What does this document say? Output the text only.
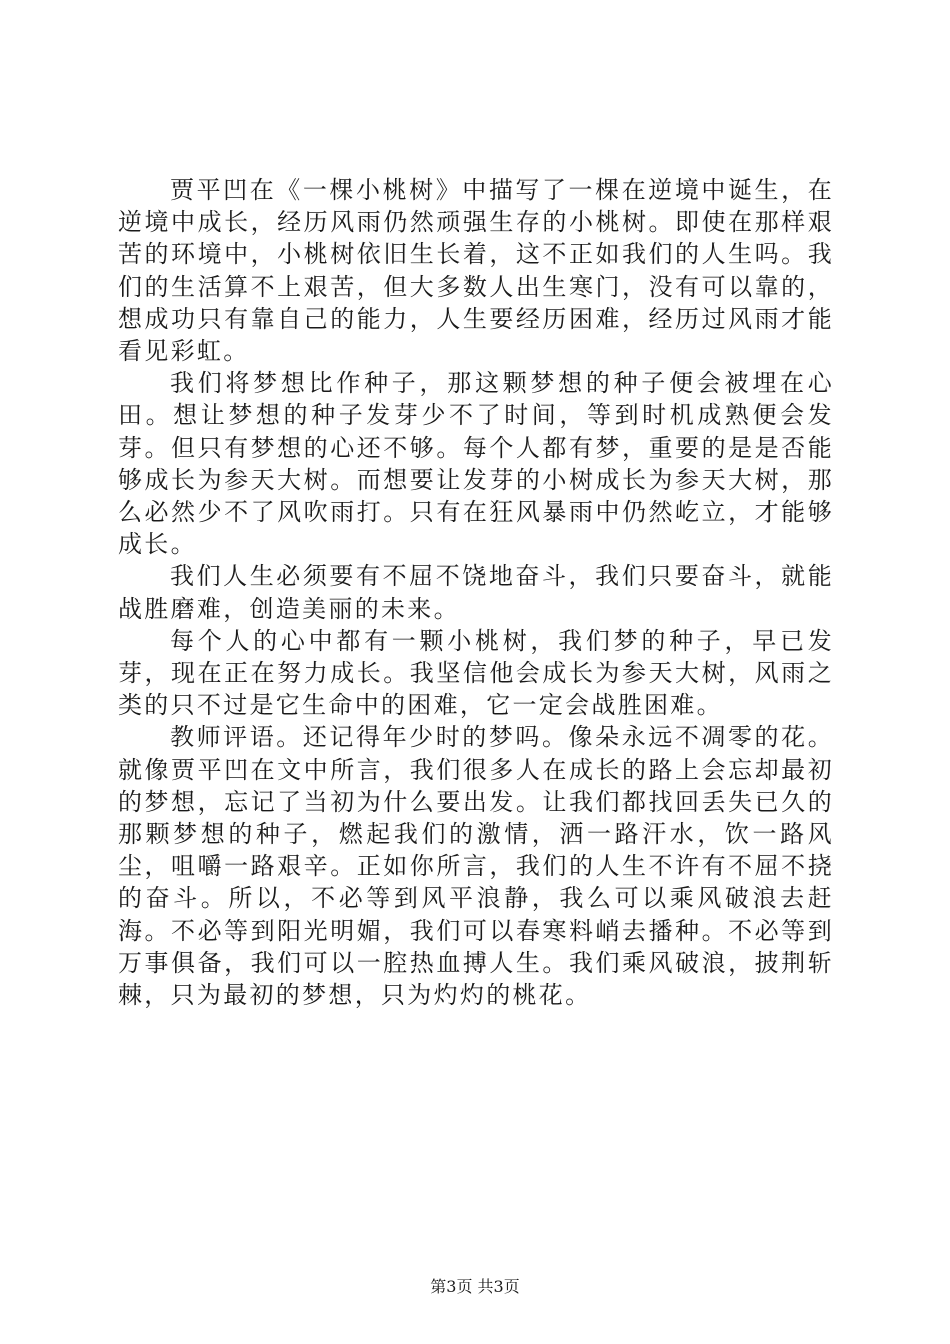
贾平凹在《一棵小桃树》中描写了一棵在逆境中诞生，在逆境中成长，经历风雨仍然顽强生存的小桃树。即使在那样艰苦的环境中，小桃树依旧生长着，这不正如我们的人生吗。我们的生活算不上艰苦，但大多数人出生寒门，没有可以靠的，想成功只有靠自己的能力，人生要经历困难，经历过风雨才能看见彩虹。

我们将梦想比作种子，那这颗梦想的种子便会被埋在心田。想让梦想的种子发芽少不了时间，等到时机成熟便会发芽。但只有梦想的心还不够。每个人都有梦，重要的是是否能够成长为参天大树。而想要让发芽的小树成长为参天大树，那么必然少不了风吹雨打。只有在狂风暴雨中仍然屹立，才能够成长。

我们人生必须要有不屈不饶地奋斗，我们只要奋斗，就能战胜磨难，创造美丽的未来。

每个人的心中都有一颗小桃树，我们梦的种子，早已发芽，现在正在努力成长。我坚信他会成长为参天大树，风雨之类的只不过是它生命中的困难，它一定会战胜困难。

教师评语。还记得年少时的梦吗。像朵永远不凋零的花。就像贾平凹在文中所言，我们很多人在成长的路上会忘却最初的梦想，忘记了当初为什么要出发。让我们都找回丢失已久的那颗梦想的种子，燃起我们的激情，洒一路汗水，饮一路风尘，咀嚼一路艰辛。正如你所言，我们的人生不许有不屈不挠的奋斗。所以，不必等到风平浪静，我么可以乘风破浪去赶海。不必等到阳光明媚，我们可以春寒料峭去播种。不必等到万事俱备，我们可以一腔热血搏人生。我们乘风破浪，披荆斩棘，只为最初的梦想，只为灼灼的桃花。

第3页 共3页
